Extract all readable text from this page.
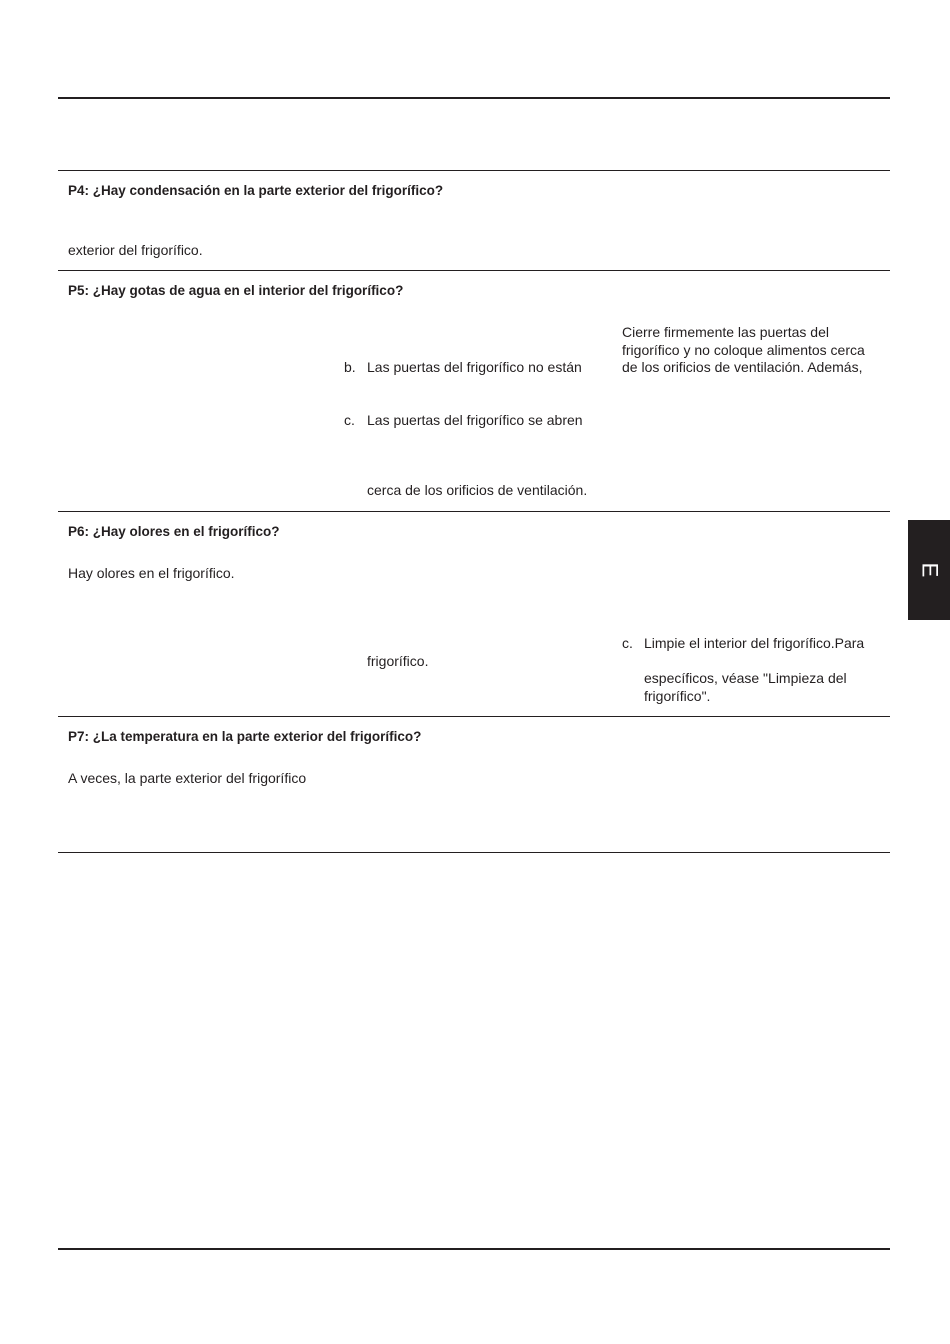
E
P4: ¿Hay condensación en la parte exterior del frigorífico?
exterior del frigorífico.
P5: ¿Hay gotas de agua en el interior del frigorífico?
Cierre firmemente las puertas del
frigorífico y no coloque alimentos cerca
de los orificios de ventilación. Además,
b. Las puertas del frigorífico no están
c. Las puertas del frigorífico se abren
cerca de los orificios de ventilación.
P6: ¿Hay olores en el frigorífico?
Hay olores en el frigorífico.
c. Limpie el interior del frigorífico.Para
frigorífico.
específicos, véase "Limpieza del
frigorífico".
P7: ¿La temperatura en la parte exterior del frigorífico?
A veces, la parte exterior del frigorífico
